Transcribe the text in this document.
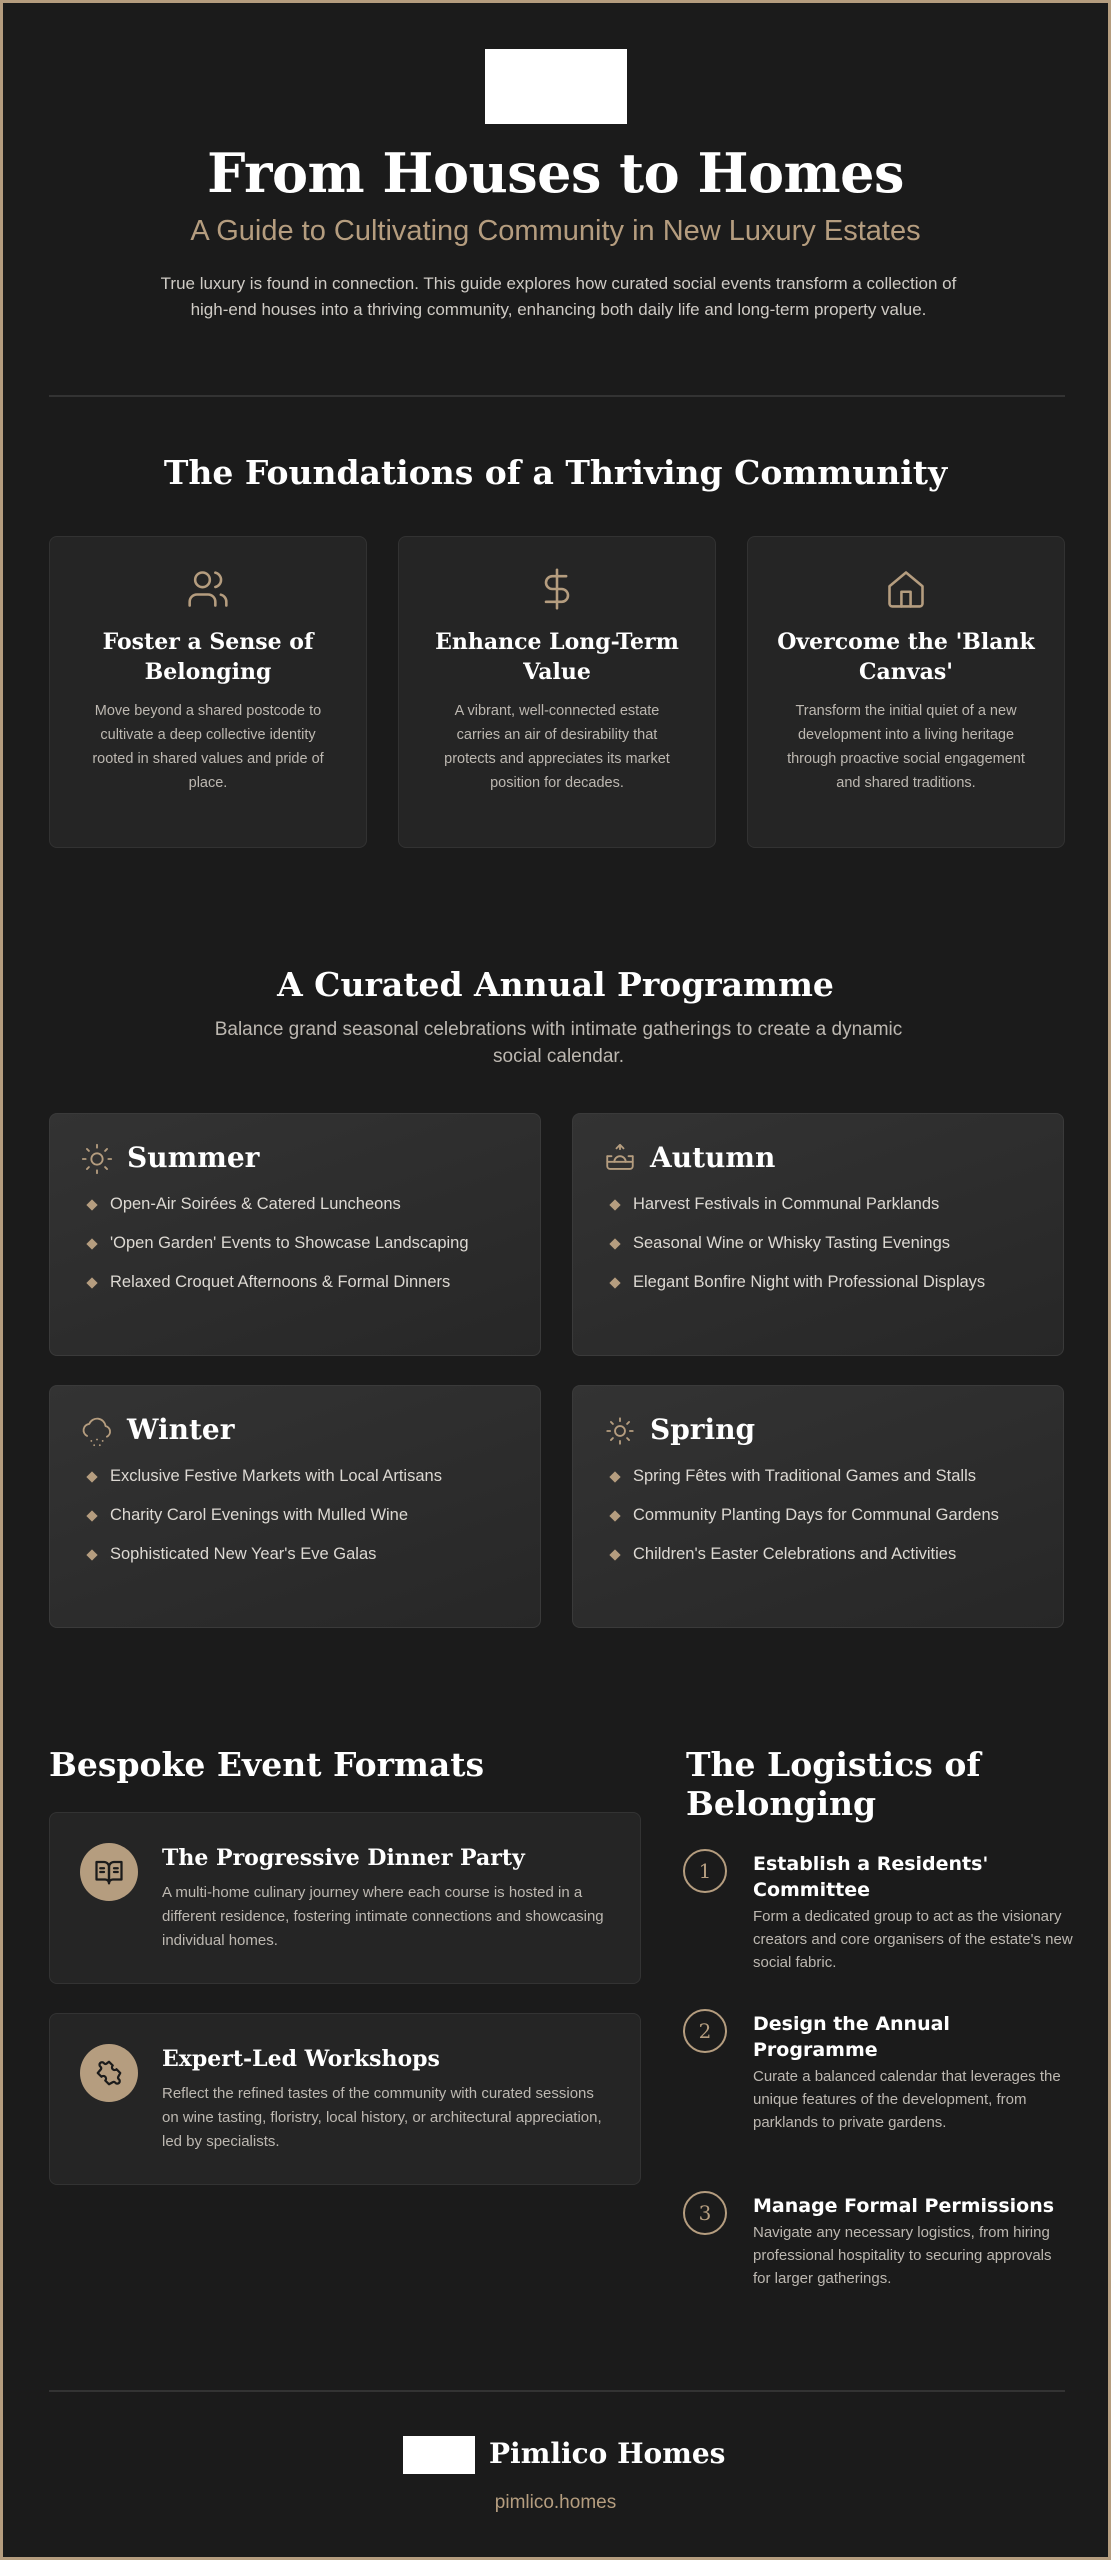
From Houses to Homes
A Guide to Cultivating Community in New Luxury Estates

True luxury is found in connection. This guide explores how curated social events transform a collection of high-end houses into a thriving community, enhancing both daily life and long-term property value.

The Foundations of a Thriving Community
Foster a Sense of Belonging

Move beyond a shared postcode to cultivate a deep collective identity rooted in shared values and pride of place.

Enhance Long-Term Value

A vibrant, well-connected estate carries an air of desirability that protects and appreciates its market position for decades.

Overcome the 'Blank Canvas'

Transform the initial quiet of a new development into a living heritage through proactive social engagement and shared traditions.

A Curated Annual Programme

Balance grand seasonal celebrations with intimate gatherings to create a dynamic social calendar.

Summer
Open-Air Soirées & Catered Luncheons
'Open Garden' Events to Showcase Landscaping
Relaxed Croquet Afternoons & Formal Dinners
Autumn
Harvest Festivals in Communal Parklands
Seasonal Wine or Whisky Tasting Evenings
Elegant Bonfire Night with Professional Displays
Winter
Exclusive Festive Markets with Local Artisans
Charity Carol Evenings with Mulled Wine
Sophisticated New Year's Eve Galas
Spring
Spring Fêtes with Traditional Games and Stalls
Community Planting Days for Communal Gardens
Children's Easter Celebrations and Activities
Bespoke Event Formats
The Progressive Dinner Party

A multi-home culinary journey where each course is hosted in a different residence, fostering intimate connections and showcasing individual homes.

Expert-Led Workshops

Reflect the refined tastes of the community with curated sessions on wine tasting, floristry, local history, or architectural appreciation, led by specialists.

The Logistics of Belonging
1	Establish a Residents' Committee

Form a dedicated group to act as the visionary creators and core organisers of the estate's new social fabric.

2	Design the Annual Programme

Curate a balanced calendar that leverages the unique features of the development, from parklands to private gardens.

3	Manage Formal Permissions

Navigate any necessary logistics, from hiring professional hospitality to securing approvals for larger gatherings.

Pimlico Homes
pimlico.homes
